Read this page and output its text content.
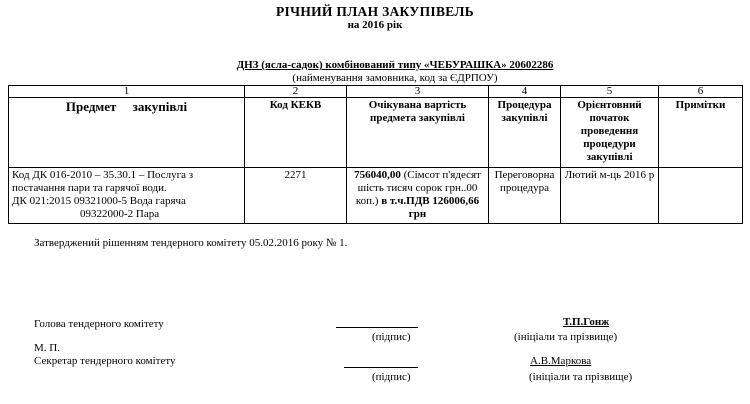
РІЧНИЙ ПЛАН ЗАКУПІВЕЛЬ
на 2016 рік
ДНЗ (ясла-садок) комбінований типу «ЧЕБУРАШКА» 20602286
(найменування замовника, код за ЄДРПОУ)
1	2	3	4	5	6
Предмет     закупівлі	Код КЕКВ	Очікувана вартість предмета закупівлі	Процедура закупівлі	Орієнтовний початок проведення процедури закупівлі	Примітки

Код ДК 016-2010 – 35.30.1 – Послуга з
постачання пари та гарячої води.
ДК 021:2015 09321000-5 Вода гаряча
09322000-2 Пара	2271	756040,00 (Сімсот п'ядесят шість тисяч сорок грн..00 коп.) в т.ч.ПДВ 126006,66 грн	Переговорна процедура	Лютий м-ць 2016 р	
Затверджений рішенням тендерного комітету 05.02.2016 року № 1.
Голова тендерного комітету
(підпис)
Т.П.Гонж
(ініціали та прізвище)
М. П.
Секретар тендерного комітету
(підпис)
А.В.Маркова
(ініціали та прізвище)
